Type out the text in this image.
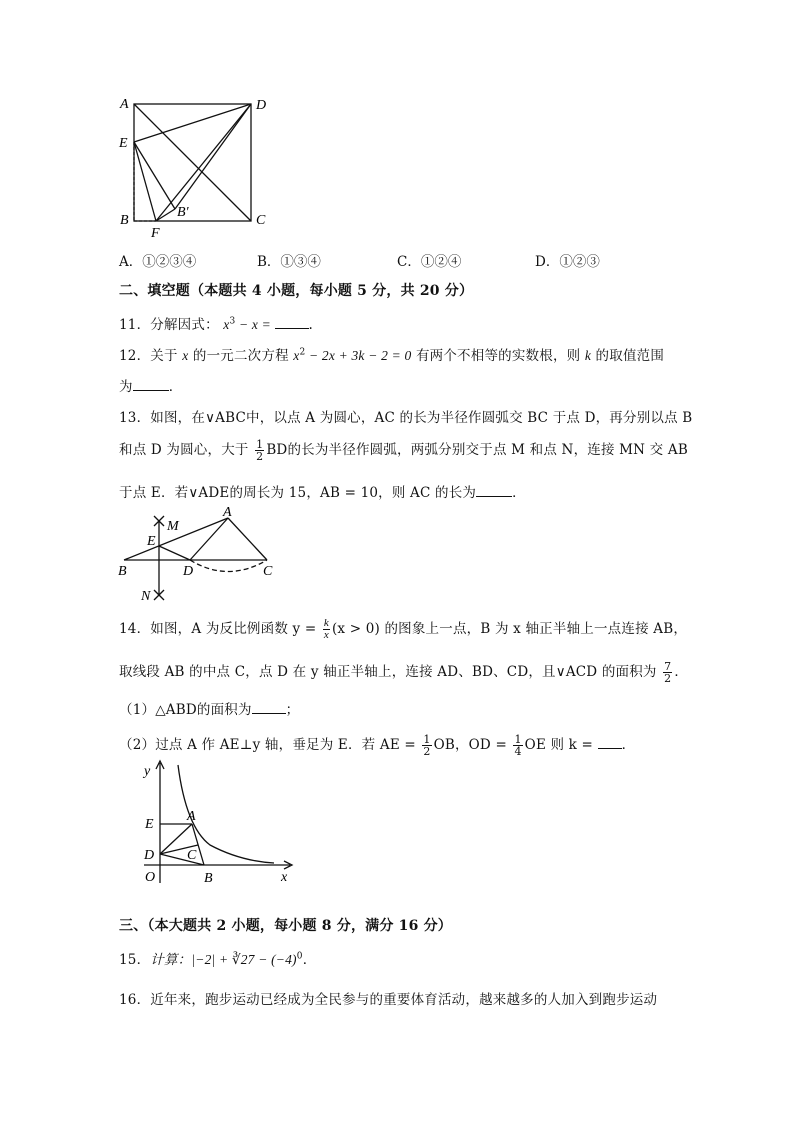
A	D
E
B
B′
C
F
A．①②③④	B．①③④	C．①②④	D．①②③
二、填空题（本题共 4 小题，每小题 5 分，共 20 分）
11．分解因式： $x^3 - x$ =	.
12．关于 x 的一元二次方程 $x^2 - 2x + 3k - 2 = 0$ 有两个不相等的实数根，则 k 的取值范围
为	．
13．如图，在∨ABC中，以点 A 为圆心，AC 的长为半径作圆弧交 BC 于点 D，再分别以点 B
和点 D 为圆心，大于 $\frac{1}{2}$ BD的长为半径作圆弧，两弧分别交于点 M 和点 N，连接 MN 交 AB
于点 E．若∨ADE的周长为 15，AB = 10，则 AC 的长为	．
M
A
E
B	D	C
N
14．如图，A 为反比例函数 $y = \frac{k}{x} (x > 0)$ 的图象上一点，B 为 x 轴正半轴上一点连接 AB，
取线段 AB 的中点 C，点 D 在 y 轴正半轴上，连接 AD、BD、CD，且∨ACD 的面积为 $\frac{7}{2}$ ．
（1）△ABD的面积为	；
（2）过点 A 作 AE⊥y 轴，垂足为 E．若 AE = $\frac{1}{2}$ OB，OD = $\frac{1}{4}$ OE 则 k = ．
y
x
E
A
D C
O	B
三、（本大题共 2 小题，每小题 8 分，满分 16 分）
15．计算：|−2| + ∛27 − $(-4)^0$．
16．近年来，跑步运动已经成为全民参与的重要体育活动，越来越多的人加入到跑步运动
